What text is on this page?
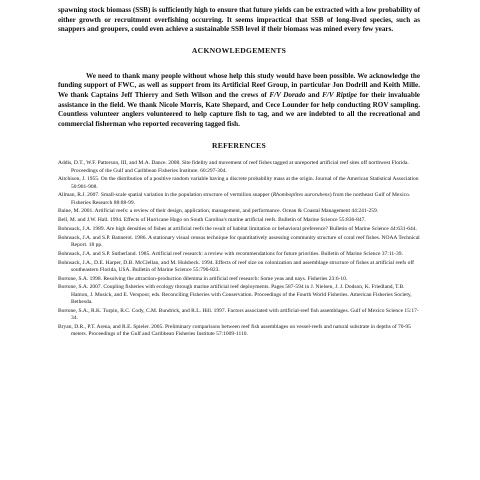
spawning stock biomass (SSB) is sufficiently high to ensure that future yields can be extracted with a low probability of either growth or recruitment overfishing occurring. It seems impractical that SSB of long-lived species, such as snappers and groupers, could even achieve a sustainable SSB level if their biomass was mined every few years.

ACKNOWLEDGEMENTS

We need to thank many people without whose help this study would have been possible. We acknowledge the funding support of FWC, as well as support from its Artificial Reef Group, in particular Jon Dodrill and Keith Mille. We thank Captains Jeff Thierry and Seth Wilson and the crews of F/V Dorado and F/V Riptipe for their invaluable assistance in the field. We thank Nicole Morris, Kate Shepard, and Cece Lounder for help conducting ROV sampling. Countless volunteer anglers volunteered to help capture fish to tag, and we are indebted to all the recreational and commercial fisherman who reported recovering tagged fish.

REFERENCES

Addis, D.T., W.F. Patterson, III, and M.A. Dance. 2008. Site fidelity and movement of reef fishes tagged at unreported artificial reef sites off northwest Florida. Proceedings of the Gulf and Caribbean Fisheries Institute. 60:297-304.

Aitchison, J. 1955. On the distribution of a positive random variable having a discrete probability mass at the origin. Journal of the American Statistical Association 50:901-908.

Allman, R.J. 2007. Small-scale spatial variation in the population structure of vermilion snapper (Rhomboplites aurorubens) from the northeast Gulf of Mexico. Fisheries Research 88:88-99.

Baine, M. 2001. Artificial reefs: a review of their design, application, management, and performance. Ocean & Coastal Management 44:241-259.

Bell, M. and J.W. Hall. 1994. Effects of Hurricane Hugo on South Carolina's marine artificial reefs. Bulletin of Marine Science 55:836-847.

Bohnsack, J.A. 1989. Are high densities of fishes at artificial reefs the result of habitat limitation or behavioral preference? Bulletin of Marine Science 44:631-644.

Bohnsack, J.A. and S.P. Bannerot. 1986. A stationary visual census technique for quantitatively assessing community structure of coral reef fishes. NOAA Technical Report. 18 pp.

Bohnsack, J.A. and S.P. Sutherland. 1985. Artificial reef research: a review with recommendations for future priorities. Bulletin of Marine Science 37:11-39.

Bohnsack, J.A., D.E. Harper, D.B. McClellan, and M. Hulsbeck. 1994. Effects of reef size on colonization and assemblage structure of fishes at artificial reefs off southeastern Florida, USA. Bulletin of Marine Science 55:796-823.

Bortone, S.A. 1998. Resolving the attraction-production dilemma in artificial reef research: Some yeas and nays. Fisheries 23:6-10.

Bortone, S.A. 2007. Coupling fisheries with ecology through marine artificial reef deployments. Pages 587-594 in J. Nielsen, J. J. Dodson, K. Friedland, T.B. Hamon, J. Musick, and E. Verspoor, eds. Reconciling Fisheries with Conservation. Proceedings of the Fourth World Fisheries. American Fisheries Society, Bethesda.

Bortone, S.A., R.K. Turpin, R.C. Cody, C.M. Bundrick, and R.L. Hill. 1997. Factors associated with artificial-reef fish assemblages. Gulf of Mexico Science 15:17-34.

Bryan, D.R., P.T. Arena, and R.E. Spieler. 2005. Preliminary comparisons between reef fish assemblages on vessel-reefs and natural substrate in depths of 70-95 meters. Proceedings of the Gulf and Caribbean Fisheries Institute 57:1009-1110.
